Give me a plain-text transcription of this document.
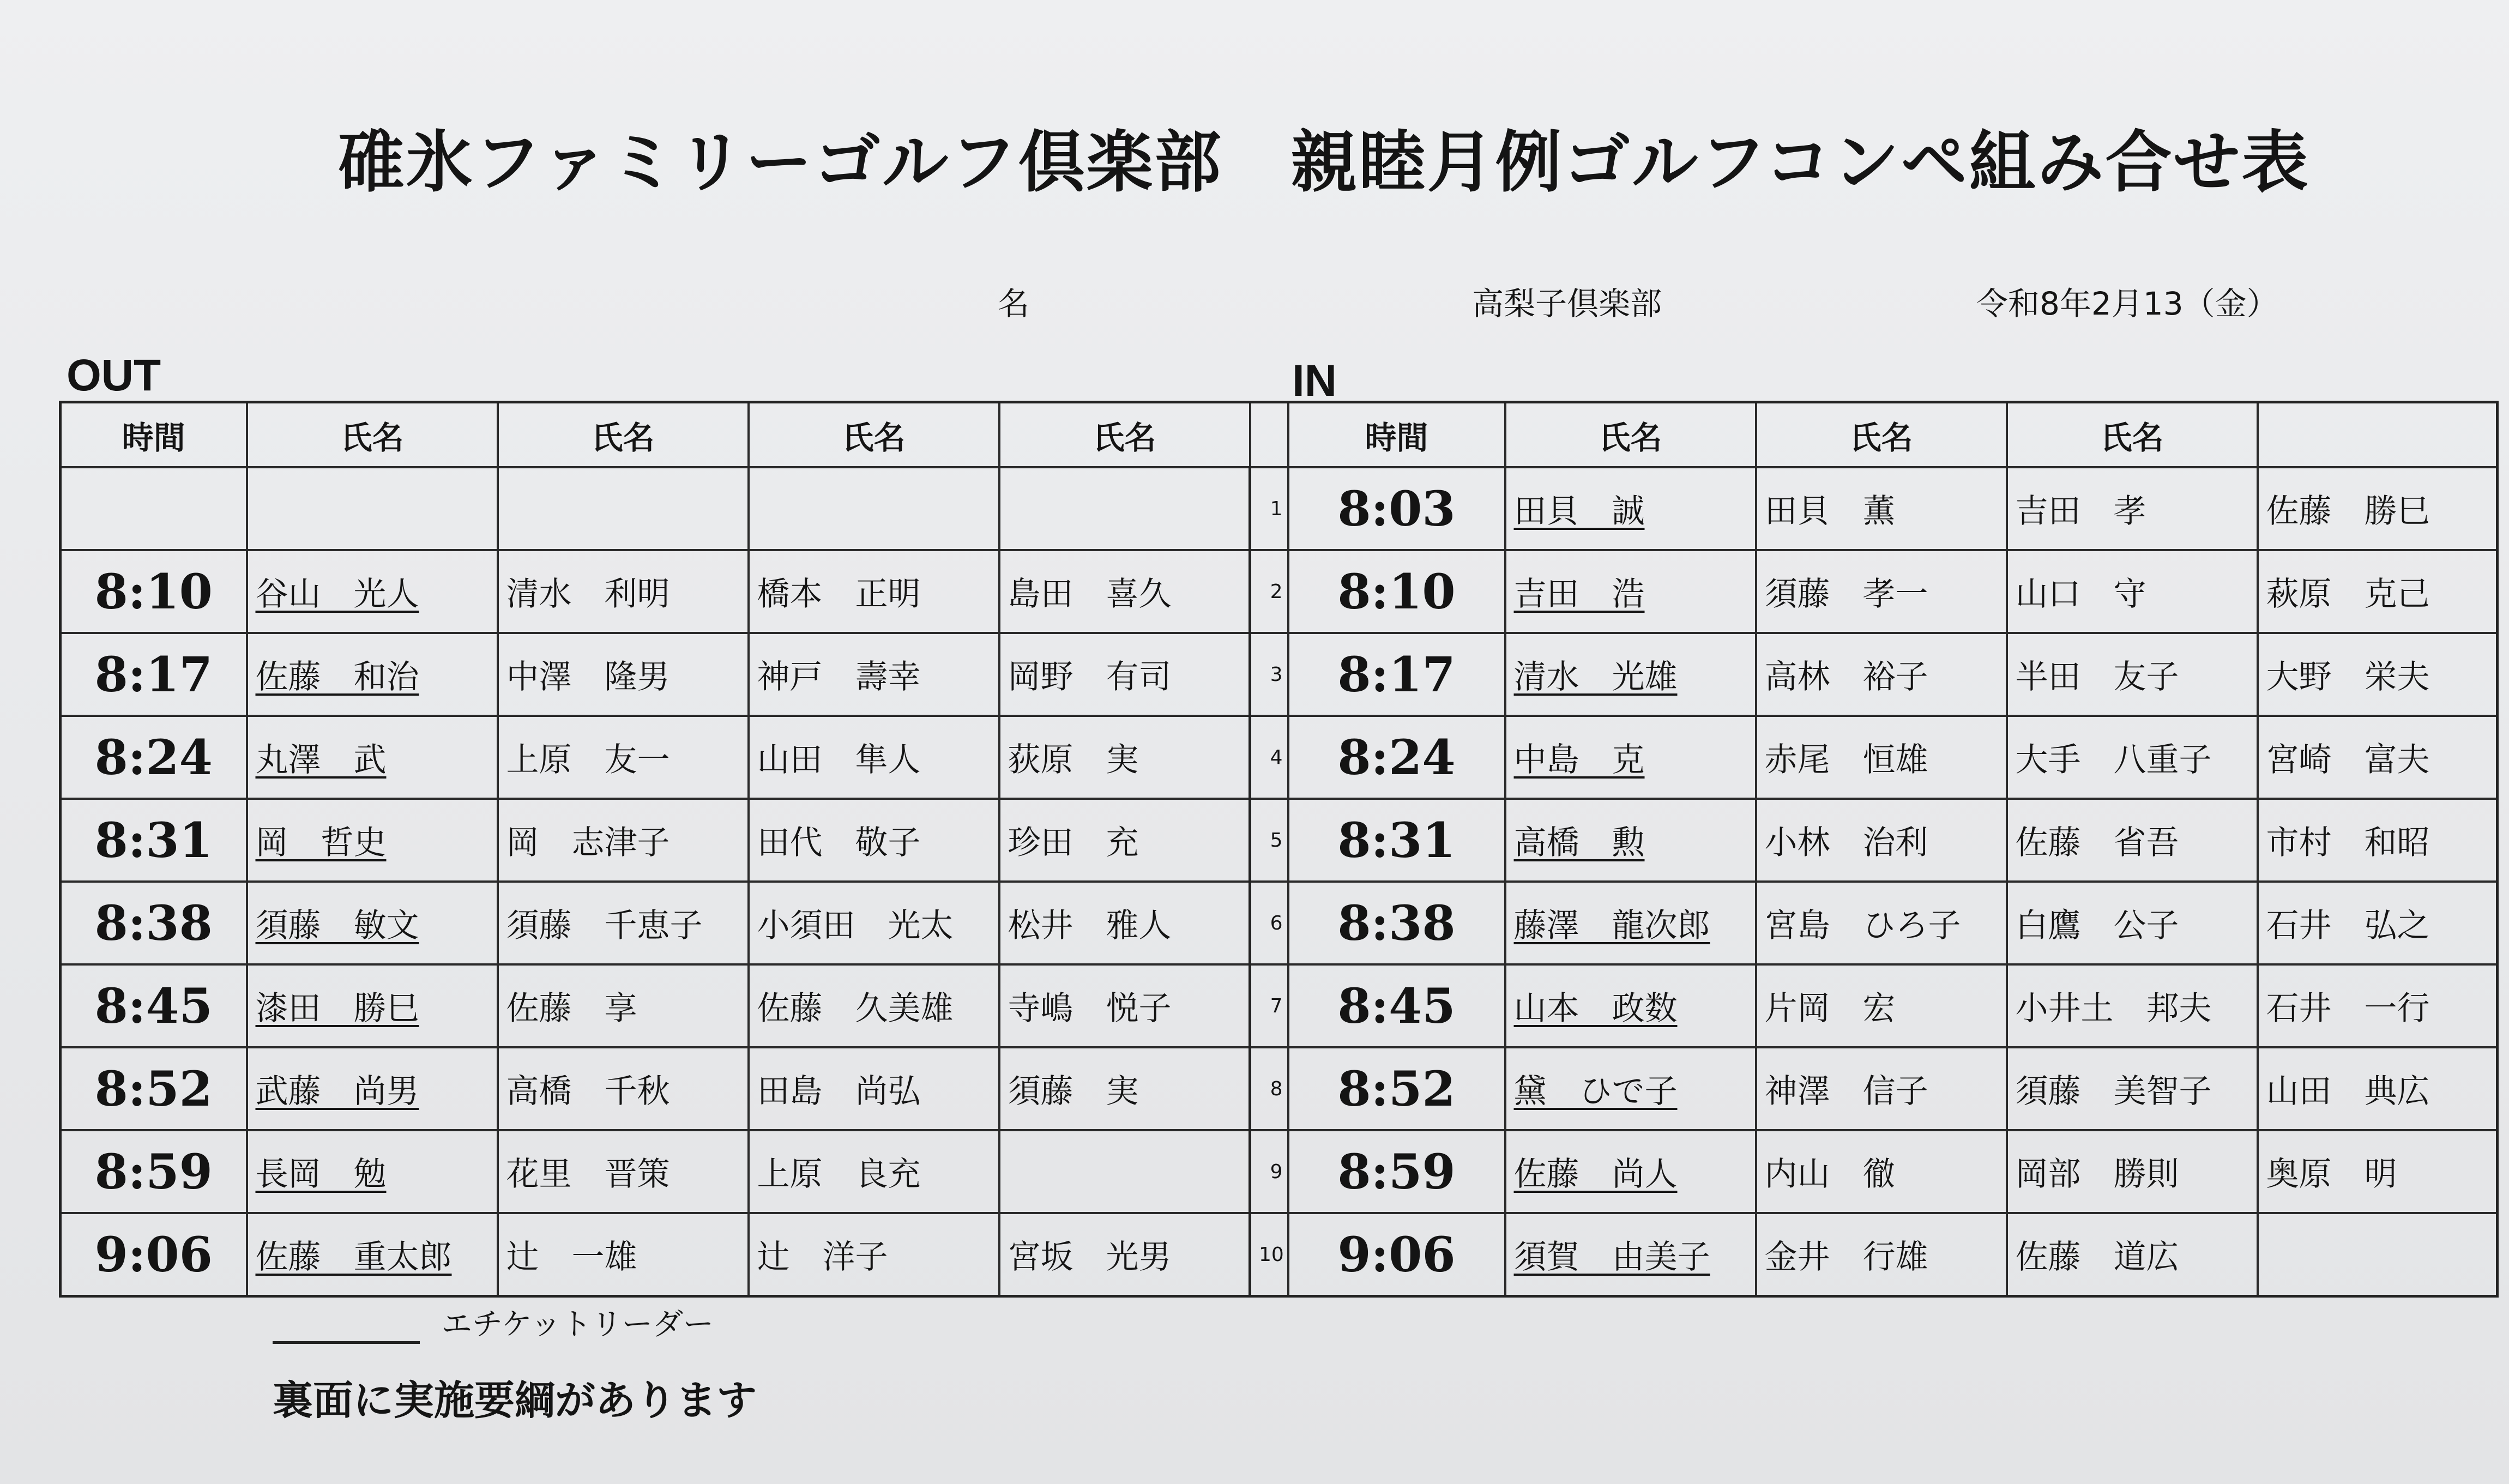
碓氷ファミリーゴルフ倶楽部　親睦月例ゴルフコンペ組み合せ表
名	高梨子倶楽部	令和8年2月13（金）
OUT	IN
時間	氏名	氏名	氏名	氏名		時間	氏名	氏名	氏名	
					1	8:03	田貝　誠	田貝　薫	吉田　孝	佐藤　勝巳
8:10	谷山　光人	清水　利明	橋本　正明	島田　喜久	2	8:10	吉田　浩	須藤　孝一	山口　守	萩原　克己
8:17	佐藤　和治	中澤　隆男	神戸　壽幸	岡野　有司	3	8:17	清水　光雄	高林　裕子	半田　友子	大野　栄夫
8:24	丸澤　武	上原　友一	山田　隼人	荻原　実	4	8:24	中島　克	赤尾　恒雄	大手　八重子	宮崎　富夫
8:31	岡　哲史	岡　志津子	田代　敬子	珍田　充	5	8:31	高橋　勲	小林　治利	佐藤　省吾	市村　和昭
8:38	須藤　敏文	須藤　千恵子	小須田　光太	松井　雅人	6	8:38	藤澤　龍次郎	宮島　ひろ子	白鷹　公子	石井　弘之
8:45	漆田　勝巳	佐藤　享	佐藤　久美雄	寺嶋　悦子	7	8:45	山本　政数	片岡　宏	小井土　邦夫	石井　一行
8:52	武藤　尚男	高橋　千秋	田島　尚弘	須藤　実	8	8:52	黛　ひで子	神澤　信子	須藤　美智子	山田　典広
8:59	長岡　勉	花里　晋策	上原　良充		9	8:59	佐藤　尚人	内山　徹	岡部　勝則	奥原　明
9:06	佐藤　重太郎	辻　一雄	辻　洋子	宮坂　光男	10	9:06	須賀　由美子	金井　行雄	佐藤　道広	
エチケットリーダー
裏面に実施要綱があります
